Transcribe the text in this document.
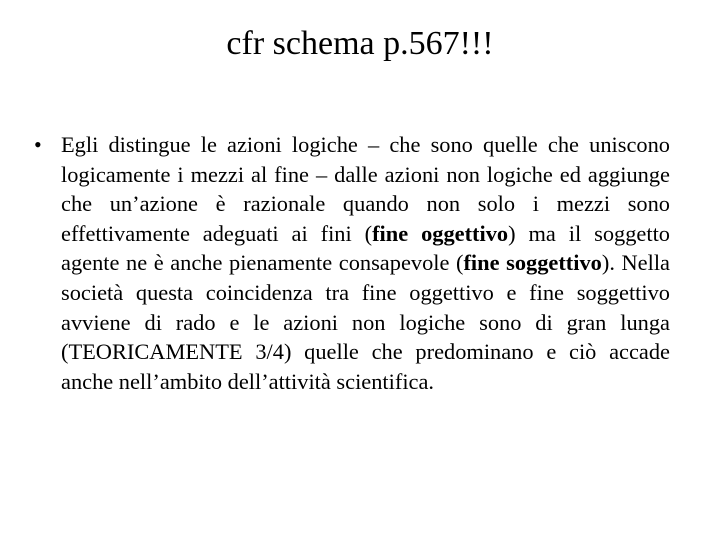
cfr schema p.567!!!
• Egli distingue le azioni logiche – che sono quelle che uniscono logicamente i mezzi al fine – dalle azioni non logiche ed aggiunge che un’azione è razionale quando non solo i mezzi sono effettivamente adeguati ai fini (fine oggettivo) ma il soggetto agente ne è anche pienamente consapevole (fine soggettivo). Nella società questa coincidenza tra fine oggettivo e fine soggettivo avviene di rado e le azioni non logiche sono di gran lunga (TEORICAMENTE 3/4) quelle che predominano e ciò accade anche nell’ambito dell’attività scientifica.
